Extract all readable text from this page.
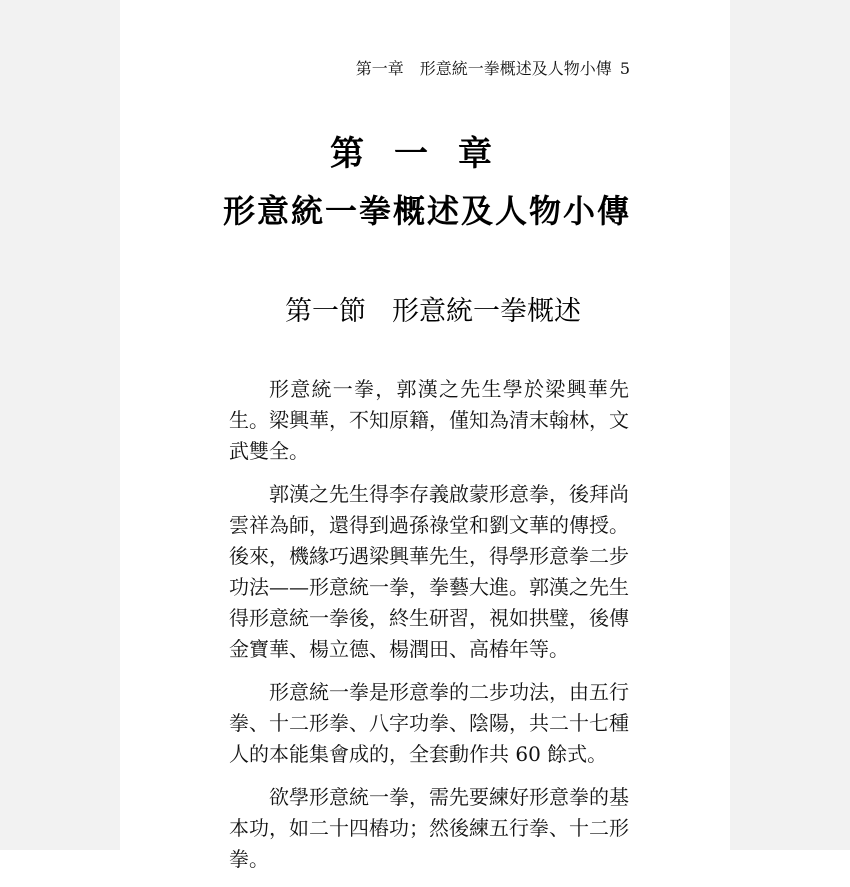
第一章　形意統一拳概述及人物小傳 5
第一章
形意統一拳概述及人物小傳
第一節 形意統一拳概述

形意統一拳，郭漢之先生學於梁興華先生。梁興華，不知原籍，僅知為清末翰林，文武雙全。

郭漢之先生得李存義啟蒙形意拳，後拜尚雲祥為師，還得到過孫祿堂和劉文華的傳授。後來，機緣巧遇梁興華先生，得學形意拳二步功法——形意統一拳，拳藝大進。郭漢之先生得形意統一拳後，終生研習，視如拱璧，後傳金寶華、楊立德、楊潤田、高椿年等。

形意統一拳是形意拳的二步功法，由五行拳、十二形拳、八字功拳、陰陽，共二十七種人的本能集會成的，全套動作共 60 餘式。

欲學形意統一拳，需先要練好形意拳的基本功，如二十四樁功；然後練五行拳、十二形拳。
